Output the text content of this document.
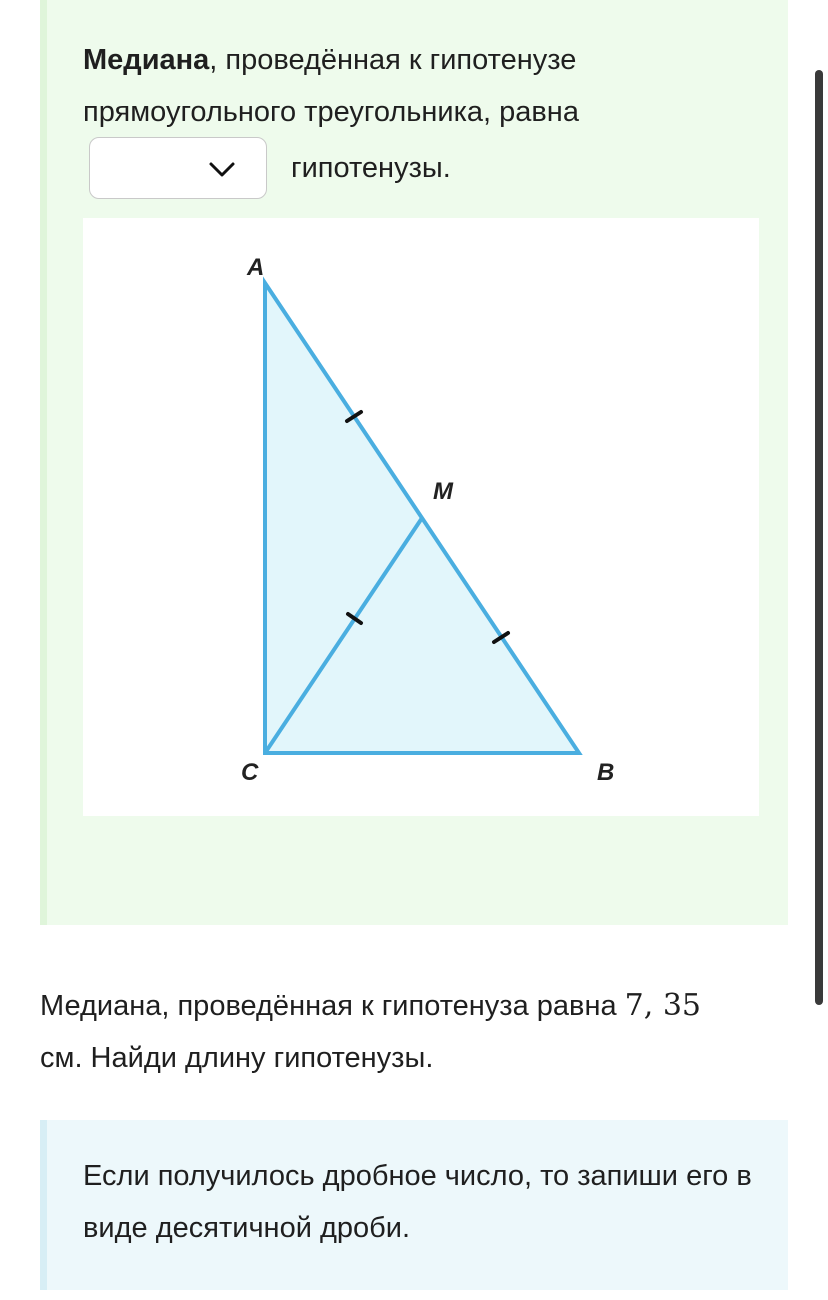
Медиана, проведённая к гипотенузе
прямоугольного треугольника, равна
гипотенузы.
A
M
C	B
Медиана, проведённая к гипотенуза равна 7, 35
см. Найди длину гипотенузы.
Если получилось дробное число, то запиши его в виде десятичной дроби.
